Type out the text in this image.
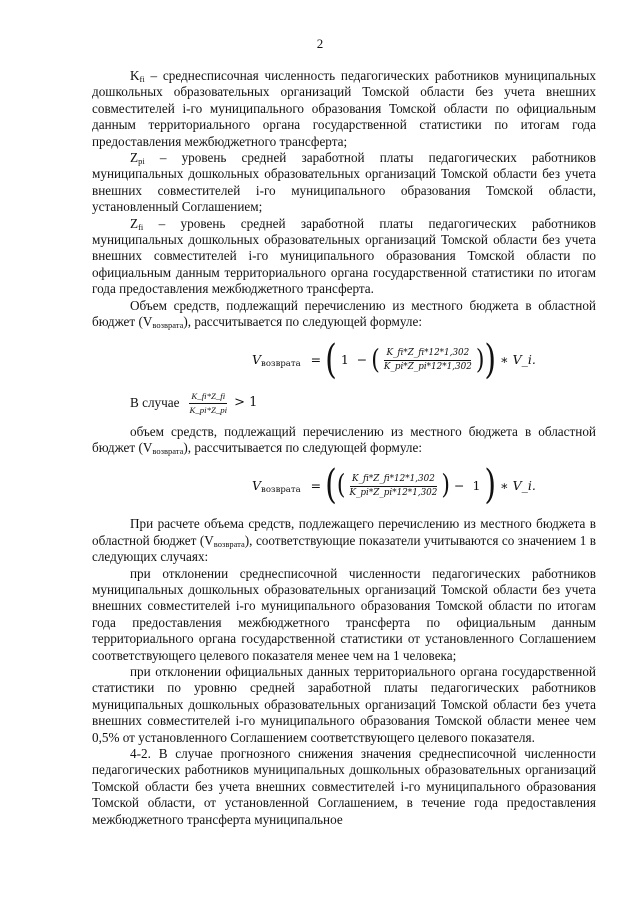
2

$K_{fi}$ – среднесписочная численность педагогических работников муниципальных дошкольных образовательных организаций Томской области без учета внешних совместителей i-го муниципального образования Томской области по официальным данным территориального органа государственной статистики по итогам года предоставления межбюджетного трансферта;

$Z_{pi}$ – уровень средней заработной платы педагогических работников муниципальных дошкольных образовательных организаций Томской области без учета внешних совместителей i-го муниципального образования Томской области, установленный Соглашением;

$Z_{fi}$ – уровень средней заработной платы педагогических работников муниципальных дошкольных образовательных организаций Томской области без учета внешних совместителей i-го муниципального образования Томской области по официальным данным территориального органа государственной статистики по итогам года предоставления межбюджетного трансферта.

Объем средств, подлежащий перечислению из местного бюджета в областной бюджет $(V_{возврата})$, рассчитывается по следующей формуле:

$V_{возврата}$ = ( 1 − ( $\frac{K\_fi*Z\_fi*12*1,302}{K\_pi*Z\_pi*12*1,302}$ ) ) ∗ V_i.
В случае $\frac{K\_fi*Z\_fi}{K\_pi*Z\_pi} > 1$

объем средств, подлежащий перечислению из местного бюджета в областной бюджет $(V_{возврата})$, рассчитывается по следующей формуле:

$V_{возврата}$ = ( ( $\frac{K\_fi*Z\_fi*12*1,302}{K\_pi*Z\_pi*12*1,302}$ ) − 1 ) ∗ V_i.

При расчете объема средств, подлежащего перечислению из местного бюджета в областной бюджет $(V_{возврата})$, соответствующие показатели учитываются со значением 1 в следующих случаях:

при отклонении среднесписочной численности педагогических работников муниципальных дошкольных образовательных организаций Томской области без учета внешних совместителей i-го муниципального образования Томской области по итогам года предоставления межбюджетного трансферта по официальным данным территориального органа государственной статистики от установленного Соглашением соответствующего целевого показателя менее чем на 1 человека;

при отклонении официальных данных территориального органа государственной статистики по уровню средней заработной платы педагогических работников муниципальных дошкольных образовательных организаций Томской области без учета внешних совместителей i-го муниципального образования Томской области менее чем 0,5% от установленного Соглашением соответствующего целевого показателя.

4-2. В случае прогнозного снижения значения среднесписочной численности педагогических работников муниципальных дошкольных образовательных организаций Томской области без учета внешних совместителей i-го муниципального образования Томской области, от установленной Соглашением, в течение года предоставления межбюджетного трансферта муниципальное
